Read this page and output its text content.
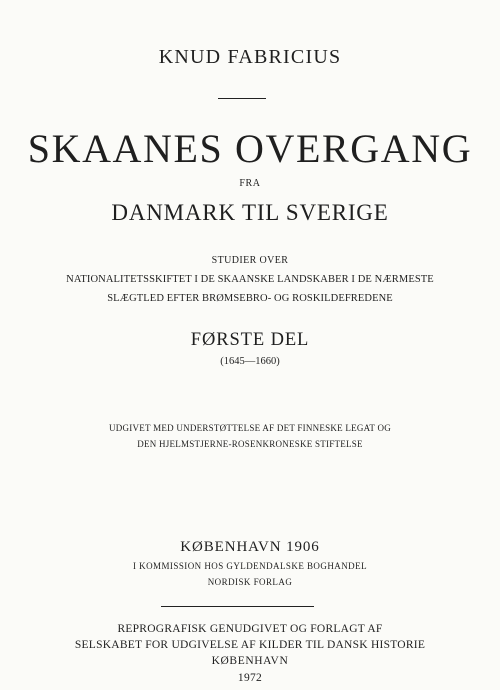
KNUD FABRICIUS
SKAANES OVERGANG
FRA
DANMARK TIL SVERIGE
STUDIER OVER
NATIONALITETSSKIFTET I DE SKAANSKE LANDSKABER I DE NÆRMESTE
SLÆGTLED EFTER BRØMSEBRO- OG ROSKILDEFREDENE
FØRSTE DEL
(1645—1660)
UDGIVET MED UNDERSTØTTELSE AF DET FINNESKE LEGAT OG
DEN HJELMSTJERNE-ROSENKRONESKE STIFTELSE
KØBENHAVN 1906
I KOMMISSION HOS GYLDENDALSKE BOGHANDEL
NORDISK FORLAG
REPROGRAFISK GENUDGIVET OG FORLAGT AF
SELSKABET FOR UDGIVELSE AF KILDER TIL DANSK HISTORIE
KØBENHAVN
1972
